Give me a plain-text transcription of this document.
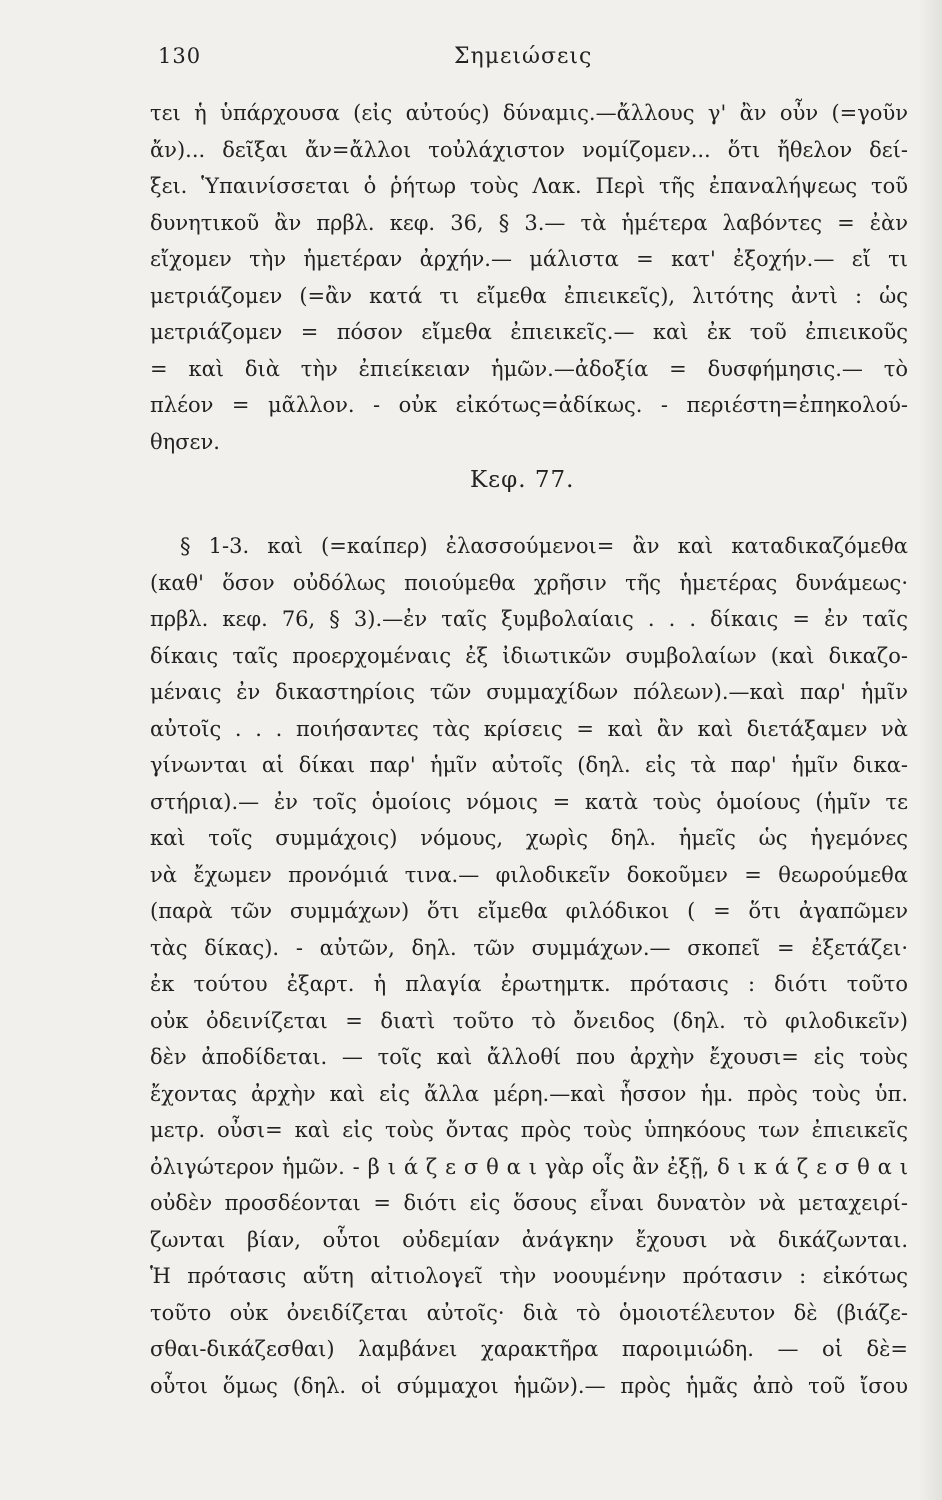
130	Σημειώσεις
τει ἡ ὑπάρχουσα (εἰς αὐτούς) δύναμις.—ἄλλους γ' ἂν οὖν (=γοῦν
ἄν)... δεῖξαι ἄν=ἄλλοι τοὐλάχιστον νομίζομεν... ὅτι ἤθελον δεί-
ξει. Ὑπαινίσσεται ὁ ῥήτωρ τοὺς Λακ. Περὶ τῆς ἐπαναλήψεως τοῦ
δυνητικοῦ ἂν πρβλ. κεφ. 36, § 3.— τὰ ἡμέτερα λαβόντες = ἐὰν
εἴχομεν τὴν ἡμετέραν ἀρχήν.— μάλιστα = κατ' ἐξοχήν.— εἴ τι
μετριάζομεν (=ἂν κατά τι εἴμεθα ἐπιεικεῖς), λιτότης ἀντὶ : ὡς
μετριάζομεν = πόσον εἴμεθα ἐπιεικεῖς.— καὶ ἐκ τοῦ ἐπιεικοῦς
= καὶ διὰ τὴν ἐπιείκειαν ἡμῶν.—ἀδοξία = δυσφήμησις.— τὸ
πλέον = μᾶλλον. - οὐκ εἰκότως=ἀδίκως. - περιέστη=ἐπηκολού-
θησεν.
Κεφ. 77.
§ 1-3. καὶ (=καίπερ) ἐλασσούμενοι= ἂν καὶ καταδικαζόμεθα
(καθ' ὅσον οὐδόλως ποιούμεθα χρῆσιν τῆς ἡμετέρας δυνάμεως·
πρβλ. κεφ. 76, § 3).—ἐν ταῖς ξυμβολαίαις . . . δίκαις = ἐν ταῖς
δίκαις ταῖς προερχομέναις ἐξ ἰδιωτικῶν συμβολαίων (καὶ δικαζο-
μέναις ἐν δικαστηρίοις τῶν συμμαχίδων πόλεων).—καὶ παρ' ἡμῖν
αὐτοῖς . . . ποιήσαντες τὰς κρίσεις = καὶ ἂν καὶ διετάξαμεν νὰ
γίνωνται αἱ δίκαι παρ' ἡμῖν αὐτοῖς (δηλ. εἰς τὰ παρ' ἡμῖν δικα-
στήρια).— ἐν τοῖς ὁμοίοις νόμοις = κατὰ τοὺς ὁμοίους (ἡμῖν τε
καὶ τοῖς συμμάχοις) νόμους, χωρὶς δηλ. ἡμεῖς ὡς ἡγεμόνες
νὰ ἔχωμεν προνόμιά τινα.— φιλοδικεῖν δοκοῦμεν = θεωρούμεθα
(παρὰ τῶν συμμάχων) ὅτι εἴμεθα φιλόδικοι ( = ὅτι ἀγαπῶμεν
τὰς δίκας). - αὐτῶν, δηλ. τῶν συμμάχων.— σκοπεῖ = ἐξετάζει·
ἐκ τούτου ἐξαρτ. ἡ πλαγία ἐρωτημτκ. πρότασις : διότι τοῦτο
οὐκ ὀδεινίζεται = διατὶ τοῦτο τὸ ὄνειδος (δηλ. τὸ φιλοδικεῖν)
δὲν ἀποδίδεται. — τοῖς καὶ ἄλλοθί που ἀρχὴν ἔχουσι= εἰς τοὺς
ἔχοντας ἀρχὴν καὶ εἰς ἄλλα μέρη.—καὶ ἧσσον ἡμ. πρὸς τοὺς ὑπ.
μετρ. οὖσι= καὶ εἰς τοὺς ὄντας πρὸς τοὺς ὑπηκόους των ἐπιεικεῖς
ὀλιγώτερον ἡμῶν. - β ι ά ζ ε σ θ α ι γὰρ οἷς ἂν ἐξῇ, δ ι κ ά ζ ε σ θ α ι
οὐδὲν προσδέονται = διότι εἰς ὅσους εἶναι δυνατὸν νὰ μεταχειρί-
ζωνται βίαν, οὗτοι οὐδεμίαν ἀνάγκην ἔχουσι νὰ δικάζωνται.
Ἡ πρότασις αὕτη αἰτιολογεῖ τὴν νοουμένην πρότασιν : εἰκότως
τοῦτο οὐκ ὀνειδίζεται αὐτοῖς· διὰ τὸ ὁμοιοτέλευτον δὲ (βιάζε-
σθαι-δικάζεσθαι) λαμβάνει χαρακτῆρα παροιμιώδη. — οἱ δὲ=
οὗτοι ὅμως (δηλ. οἱ σύμμαχοι ἡμῶν).— πρὸς ἡμᾶς ἀπὸ τοῦ ἴσου
